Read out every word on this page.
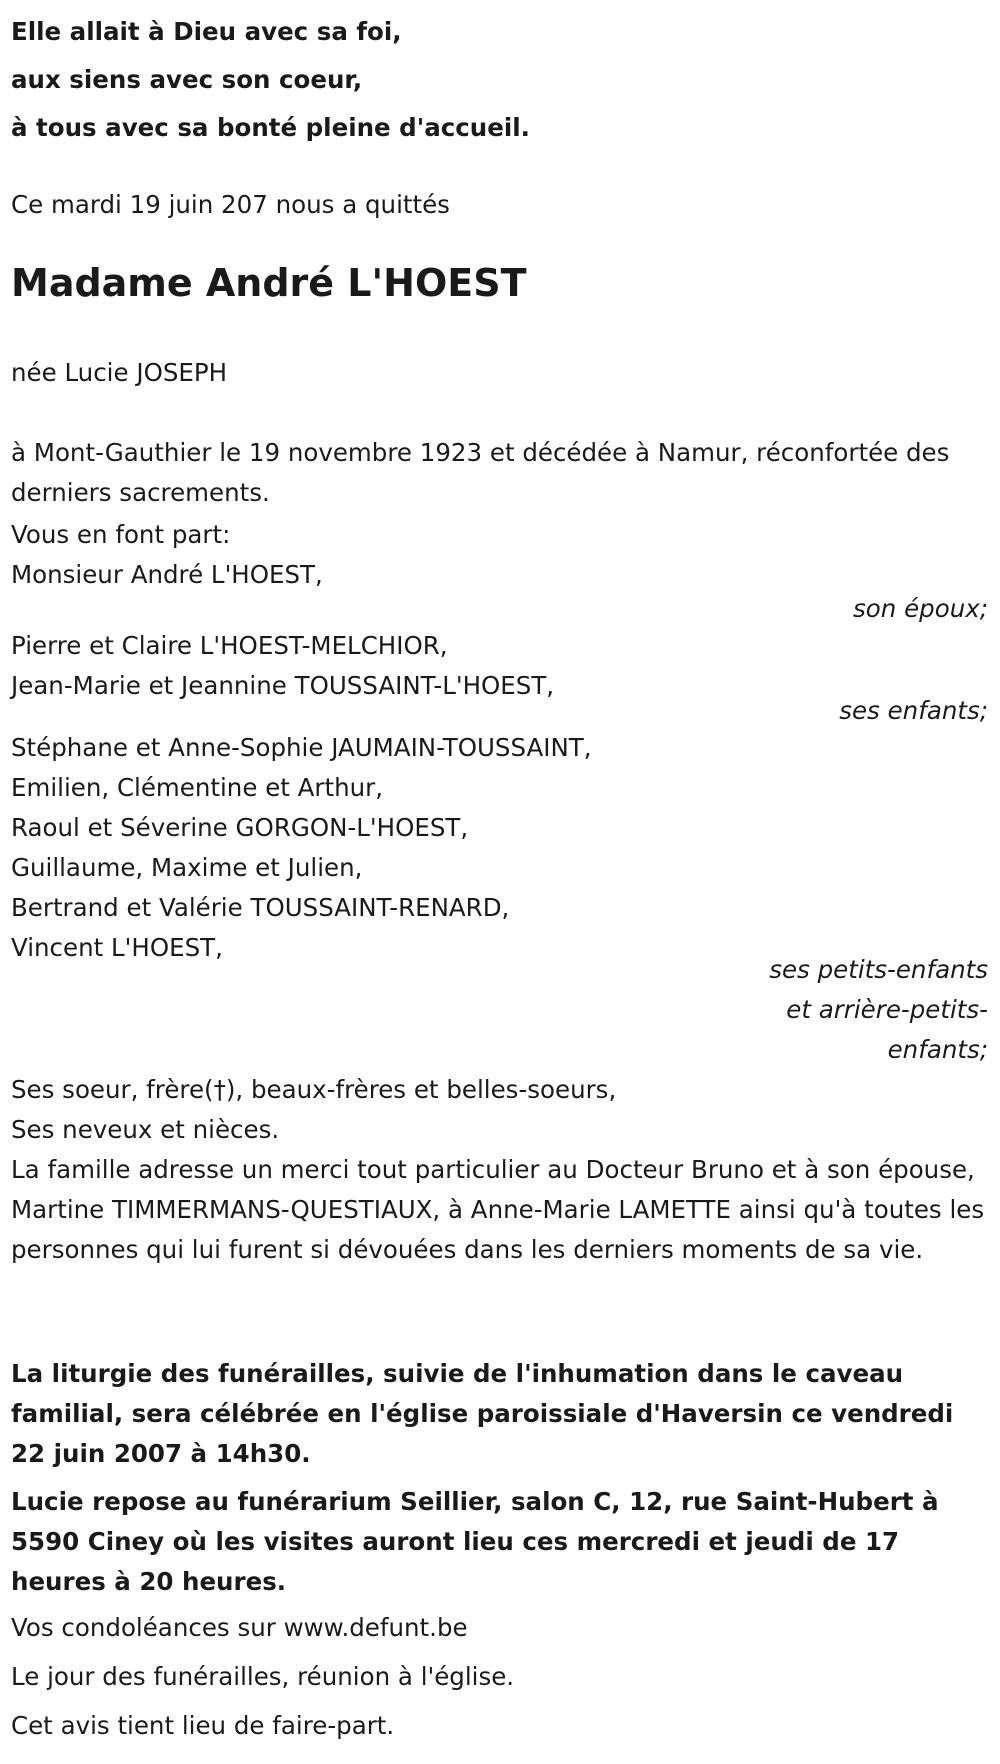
Elle allait à Dieu avec sa foi,
aux siens avec son coeur,
à tous avec sa bonté pleine d'accueil.
Ce mardi 19 juin 207 nous a quittés
Madame André L'HOEST
née Lucie JOSEPH
à Mont-Gauthier le 19 novembre 1923 et décédée à Namur, réconfortée des derniers sacrements.
Vous en font part:
Monsieur André L'HOEST,
son époux;
Pierre et Claire L'HOEST-MELCHIOR,
Jean-Marie et Jeannine TOUSSAINT-L'HOEST,
ses enfants;
Stéphane et Anne-Sophie JAUMAIN-TOUSSAINT,
Emilien, Clémentine et Arthur,
Raoul et Séverine GORGON-L'HOEST,
Guillaume, Maxime et Julien,
Bertrand et Valérie TOUSSAINT-RENARD,
Vincent L'HOEST,
ses petits-enfants
et arrière-petits-
enfants;
Ses soeur, frère(†), beaux-frères et belles-soeurs,
Ses neveux et nièces.
La famille adresse un merci tout particulier au Docteur Bruno et à son épouse, Martine TIMMERMANS-QUESTIAUX, à Anne-Marie LAMETTE ainsi qu'à toutes les personnes qui lui furent si dévouées dans les derniers moments de sa vie.
La liturgie des funérailles, suivie de l'inhumation dans le caveau familial, sera célébrée en l'église paroissiale d'Haversin ce vendredi 22 juin 2007 à 14h30.
Lucie repose au funérarium Seillier, salon C, 12, rue Saint-Hubert à 5590 Ciney où les visites auront lieu ces mercredi et jeudi de 17 heures à 20 heures.
Vos condoléances sur www.defunt.be
Le jour des funérailles, réunion à l'église.
Cet avis tient lieu de faire-part.
